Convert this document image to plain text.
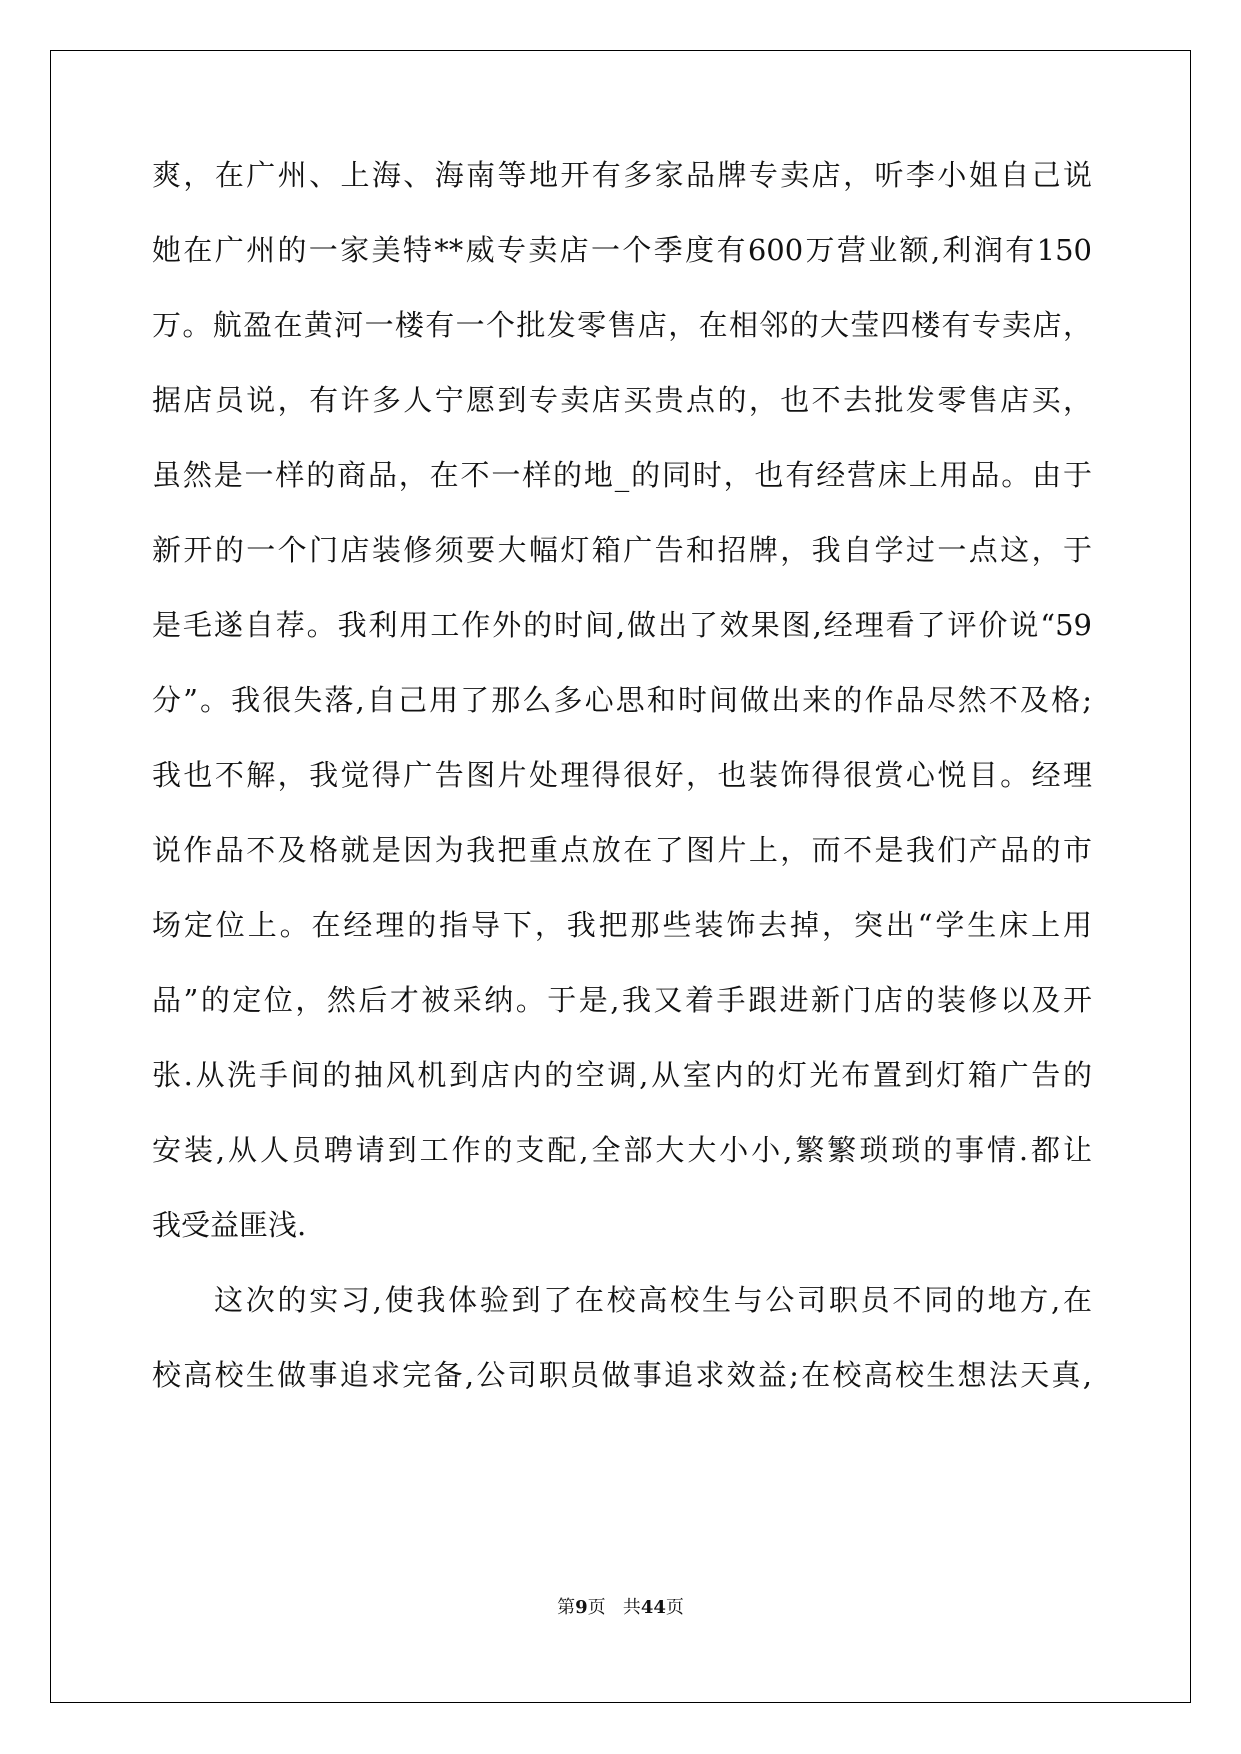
爽，在广州、上海、海南等地开有多家品牌专卖店，听李小姐自己说
她在广州的一家美特**威专卖店一个季度有600万营业额,利润有150
万。航盈在黄河一楼有一个批发零售店，在相邻的大莹四楼有专卖店，
据店员说，有许多人宁愿到专卖店买贵点的，也不去批发零售店买，
虽然是一样的商品，在不一样的地_的同时，也有经营床上用品。由于
新开的一个门店装修须要大幅灯箱广告和招牌，我自学过一点这，于
是毛遂自荐。我利用工作外的时间,做出了效果图,经理看了评价说“59
分”。我很失落,自己用了那么多心思和时间做出来的作品尽然不及格;
我也不解，我觉得广告图片处理得很好，也装饰得很赏心悦目。经理
说作品不及格就是因为我把重点放在了图片上，而不是我们产品的市
场定位上。在经理的指导下，我把那些装饰去掉，突出“学生床上用
品”的定位，然后才被采纳。于是,我又着手跟进新门店的装修以及开
张.从洗手间的抽风机到店内的空调,从室内的灯光布置到灯箱广告的
安装,从人员聘请到工作的支配,全部大大小小,繁繁琐琐的事情.都让
我受益匪浅.
这次的实习,使我体验到了在校高校生与公司职员不同的地方,在
校高校生做事追求完备,公司职员做事追求效益;在校高校生想法天真,
第9页 共44页
